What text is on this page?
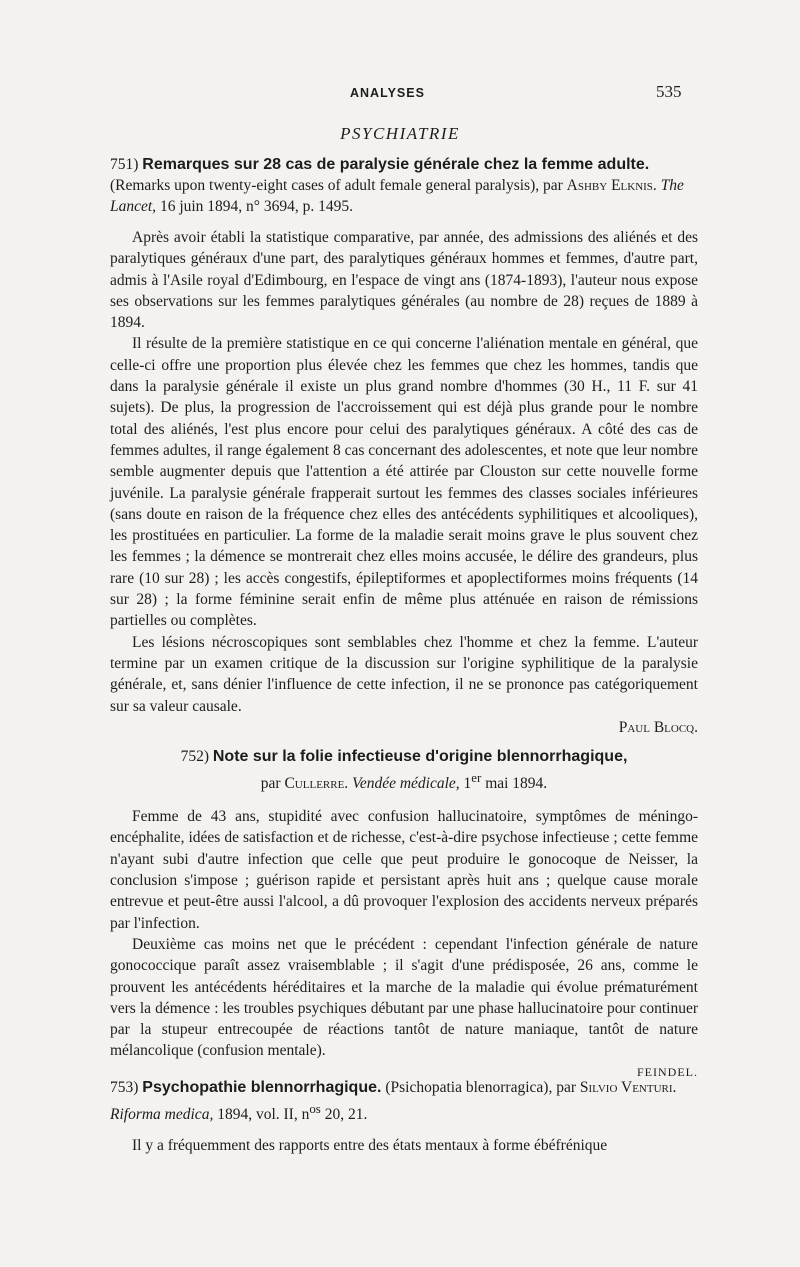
ANALYSES	535
PSYCHIATRIE
751) Remarques sur 28 cas de paralysie générale chez la femme adulte. (Remarks upon twenty-eight cases of adult female general paralysis), par Ashby Elknis. The Lancet, 16 juin 1894, n° 3694, p. 1495.

Après avoir établi la statistique comparative, par année, des admissions des aliénés et des paralytiques généraux d'une part, des paralytiques généraux hommes et femmes, d'autre part, admis à l'Asile royal d'Edimbourg, en l'espace de vingt ans (1874-1893), l'auteur nous expose ses observations sur les femmes paralytiques générales (au nombre de 28) reçues de 1889 à 1894.

Il résulte de la première statistique en ce qui concerne l'aliénation mentale en général, que celle-ci offre une proportion plus élevée chez les femmes que chez les hommes, tandis que dans la paralysie générale il existe un plus grand nombre d'hommes (30 H., 11 F. sur 41 sujets). De plus, la progression de l'accroissement qui est déjà plus grande pour le nombre total des aliénés, l'est plus encore pour celui des paralytiques généraux. A côté des cas de femmes adultes, il range également 8 cas concernant des adolescentes, et note que leur nombre semble augmenter depuis que l'attention a été attirée par Clouston sur cette nouvelle forme juvénile. La paralysie générale frapperait surtout les femmes des classes sociales inférieures (sans doute en raison de la fréquence chez elles des antécédents syphilitiques et alcooliques), les prostituées en particulier. La forme de la maladie serait moins grave le plus souvent chez les femmes ; la démence se montrerait chez elles moins accusée, le délire des grandeurs, plus rare (10 sur 28) ; les accès congestifs, épileptiformes et apoplectiformes moins fréquents (14 sur 28) ; la forme féminine serait enfin de même plus atténuée en raison de rémissions partielles ou complètes.

Les lésions nécroscopiques sont semblables chez l'homme et chez la femme. L'auteur termine par un examen critique de la discussion sur l'origine syphilitique de la paralysie générale, et, sans dénier l'influence de cette infection, il ne se prononce pas catégoriquement sur sa valeur causale.

Paul Blocq.
752) Note sur la folie infectieuse d'origine blennorrhagique,
par Cullerre. Vendée médicale, 1er mai 1894.

Femme de 43 ans, stupidité avec confusion hallucinatoire, symptômes de méningo-encéphalite, idées de satisfaction et de richesse, c'est-à-dire psychose infectieuse ; cette femme n'ayant subi d'autre infection que celle que peut produire le gonocoque de Neisser, la conclusion s'impose ; guérison rapide et persistant après huit ans ; quelque cause morale entrevue et peut-être aussi l'alcool, a dû provoquer l'explosion des accidents nerveux préparés par l'infection.

Deuxième cas moins net que le précédent : cependant l'infection générale de nature gonococcique paraît assez vraisemblable ; il s'agit d'une prédisposée, 26 ans, comme le prouvent les antécédents héréditaires et la marche de la maladie qui évolue prématurément vers la démence : les troubles psychiques débutant par une phase hallucinatoire pour continuer par la stupeur entrecoupée de réactions tantôt de nature maniaque, tantôt de nature mélancolique (confusion mentale).

FEINDEL.
753) Psychopathie blennorrhagique. (Psichopatia blenorragica), par Silvio Venturi. Riforma medica, 1894, vol. II, $n^{os}$ 20, 21.

Il y a fréquemment des rapports entre des états mentaux à forme ébéfrénique
